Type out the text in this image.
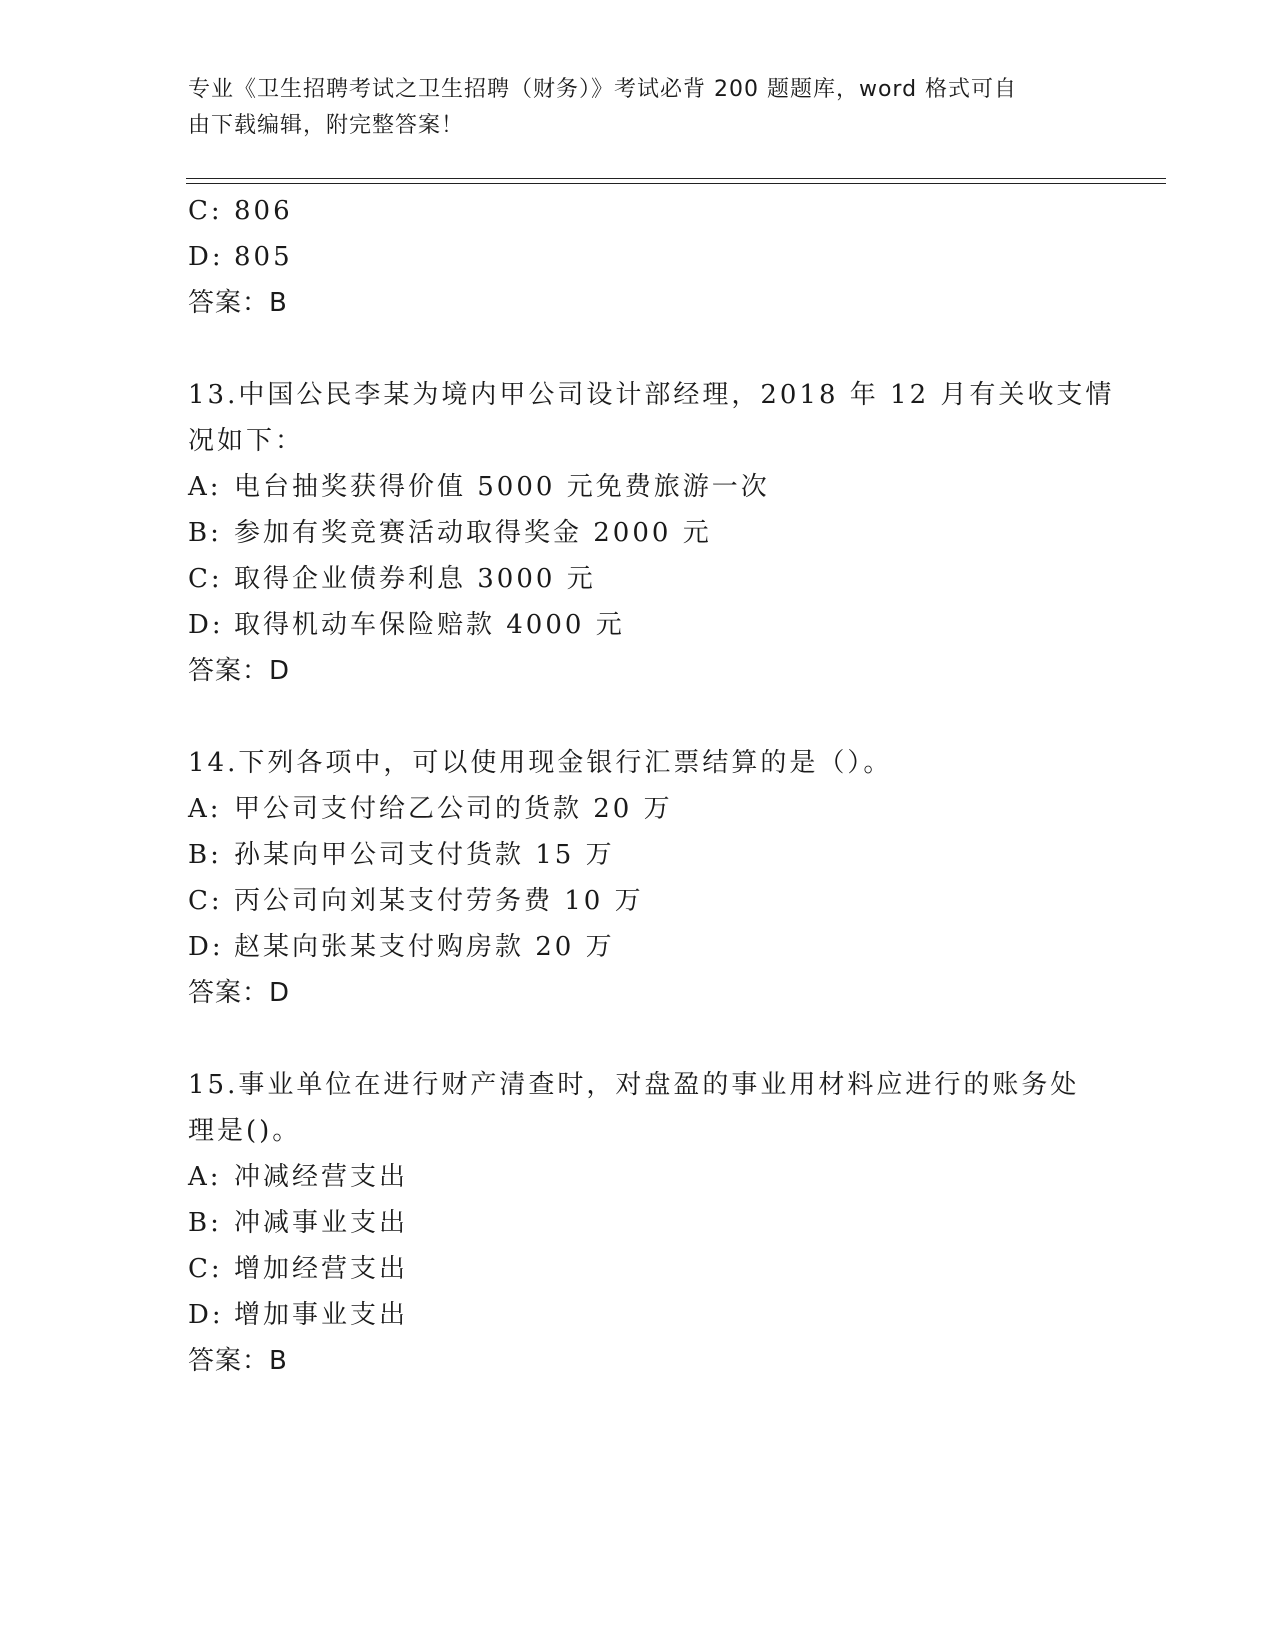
专业《卫生招聘考试之卫生招聘（财务）》考试必背 200 题题库，word 格式可自
由下载编辑，附完整答案！
C: 806
D: 805
答案：B
13.中国公民李某为境内甲公司设计部经理，2018 年 12 月有关收支情
况如下：
A: 电台抽奖获得价值 5000 元免费旅游一次
B: 参加有奖竞赛活动取得奖金 2000 元
C: 取得企业债券利息 3000 元
D: 取得机动车保险赔款 4000 元
答案：D
14.下列各项中，可以使用现金银行汇票结算的是（）。
A: 甲公司支付给乙公司的货款 20 万
B: 孙某向甲公司支付货款 15 万
C: 丙公司向刘某支付劳务费 10 万
D: 赵某向张某支付购房款 20 万
答案：D
15.事业单位在进行财产清查时，对盘盈的事业用材料应进行的账务处
理是()。
A: 冲减经营支出
B: 冲减事业支出
C: 增加经营支出
D: 增加事业支出
答案：B
